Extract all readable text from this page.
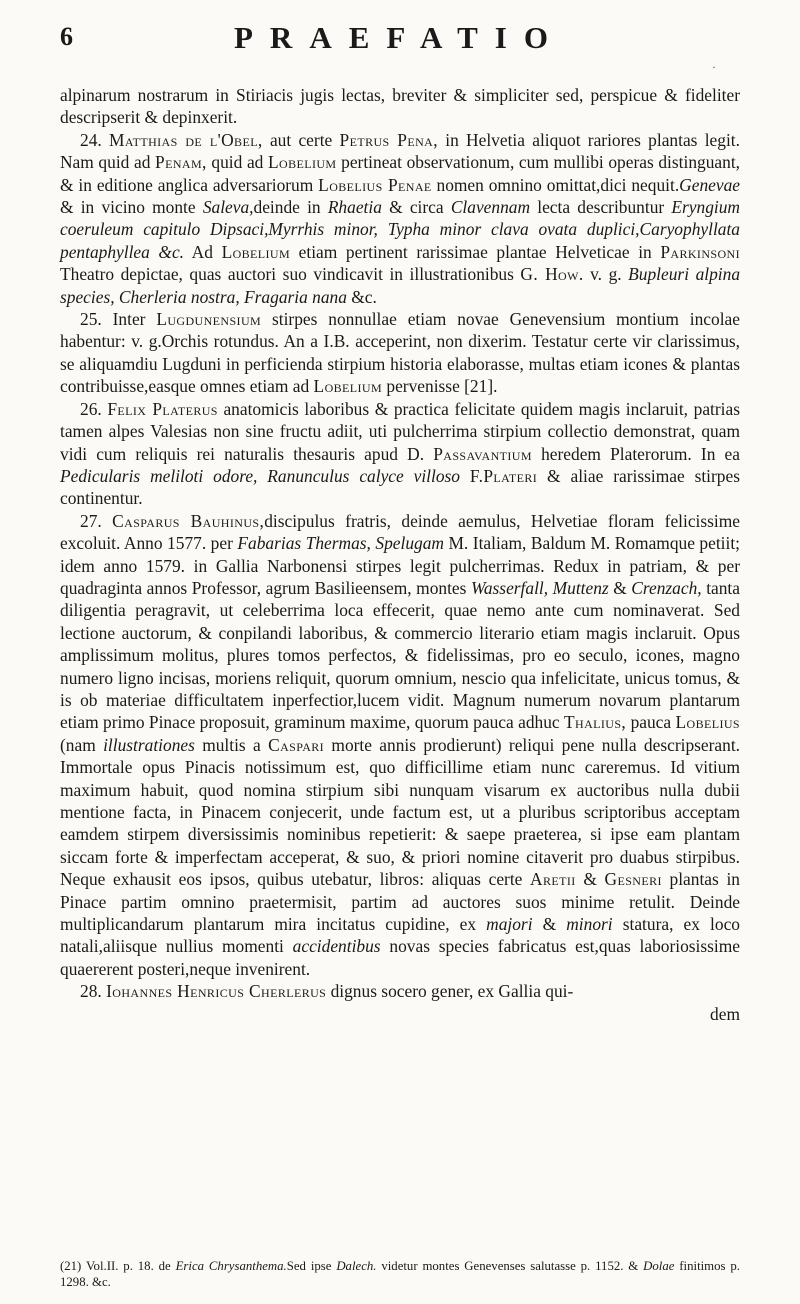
6	PRAEFATIO
·

alpinarum nostrarum in Stiriacis jugis lectas, breviter & simpliciter sed, perspicue & fideliter descripserit & depinxerit.

24. Matthias de l'Obel, aut certe Petrus Pena, in Helvetia aliquot rariores plantas legit. Nam quid ad Penam, quid ad Lobelium pertineat observationum, cum mullibi operas distinguant, & in editione anglica adversariorum Lobelius Penae nomen omnino omittat,dici nequit.Genevae & in vicino monte Saleva,deinde in Rhaetia & circa Clavennam lecta describuntur Eryngium coeruleum capitulo Dipsaci,Myrrhis minor, Typha minor clava ovata duplici,Caryophyllata pentaphyllea &c. Ad Lobelium etiam pertinent rarissimae plantae Helveticae in Parkinsoni Theatro depictae, quas auctori suo vindicavit in illustrationibus G. How. v. g. Bupleuri alpina species, Cherleria nostra, Fragaria nana &c.

25. Inter Lugdunensium stirpes nonnullae etiam novae Genevensium montium incolae habentur: v. g.Orchis rotundus. An a I.B. acceperint, non dixerim. Testatur certe vir clarissimus, se aliquamdiu Lugduni in perficienda stirpium historia elaborasse, multas etiam icones & plantas contribuisse,easque omnes etiam ad Lobelium pervenisse [21].

26. Felix Platerus anatomicis laboribus & practica felicitate quidem magis inclaruit, patrias tamen alpes Valesias non sine fructu adiit, uti pulcherrima stirpium collectio demonstrat, quam vidi cum reliquis rei naturalis thesauris apud D. Passavantium heredem Platerorum. In ea Pedicularis meliloti odore, Ranunculus calyce villoso F.Plateri & aliae rarissimae stirpes continentur.

27. Casparus Bauhinus,discipulus fratris, deinde aemulus, Helvetiae floram felicissime excoluit. Anno 1577. per Fabarias Thermas, Spelugam M. Italiam, Baldum M. Romamque petiit; idem anno 1579. in Gallia Narbonensi stirpes legit pulcherrimas. Redux in patriam, & per quadraginta annos Professor, agrum Basilieensem, montes Wasserfall, Muttenz & Crenzach, tanta diligentia peragravit, ut celeberrima loca effecerit, quae nemo ante cum nominaverat. Sed lectione auctorum, & conpilandi laboribus, & commercio literario etiam magis inclaruit. Opus amplissimum molitus, plures tomos perfectos, & fidelissimas, pro eo seculo, icones, magno numero ligno incisas, moriens reliquit, quorum omnium, nescio qua infelicitate, unicus tomus, & is ob materiae difficultatem inperfectior,lucem vidit. Magnum numerum novarum plantarum etiam primo Pinace proposuit, graminum maxime, quorum pauca adhuc Thalius, pauca Lobelius (nam illustrationes multis a Caspari morte annis prodierunt) reliqui pene nulla descripserant. Immortale opus Pinacis notissimum est, quo difficillime etiam nunc careremus. Id vitium maximum habuit, quod nomina stirpium sibi nunquam visarum ex auctoribus nulla dubii mentione facta, in Pinacem conjecerit, unde factum est, ut a pluribus scriptoribus acceptam eamdem stirpem diversissimis nominibus repetierit: & saepe praeterea, si ipse eam plantam siccam forte & imperfectam acceperat, & suo, & priori nomine citaverit pro duabus stirpibus. Neque exhausit eos ipsos, quibus utebatur, libros: aliquas certe Aretii & Gesneri plantas in Pinace partim omnino praetermisit, partim ad auctores suos minime retulit. Deinde multiplicandarum plantarum mira incitatus cupidine, ex majori & minori statura, ex loco natali,aliisque nullius momenti accidentibus novas species fabricatus est,quas laboriosissime quaererent posteri,neque invenirent.

28. Iohannes Henricus Cherlerus dignus socero gener, ex Gallia qui-

dem
(21) Vol.II. p. 18. de Erica Chrysanthema.Sed ipse Dalech. videtur montes Genevenses salutasse p. 1152. & Dolae finitimos p. 1298. &c.
